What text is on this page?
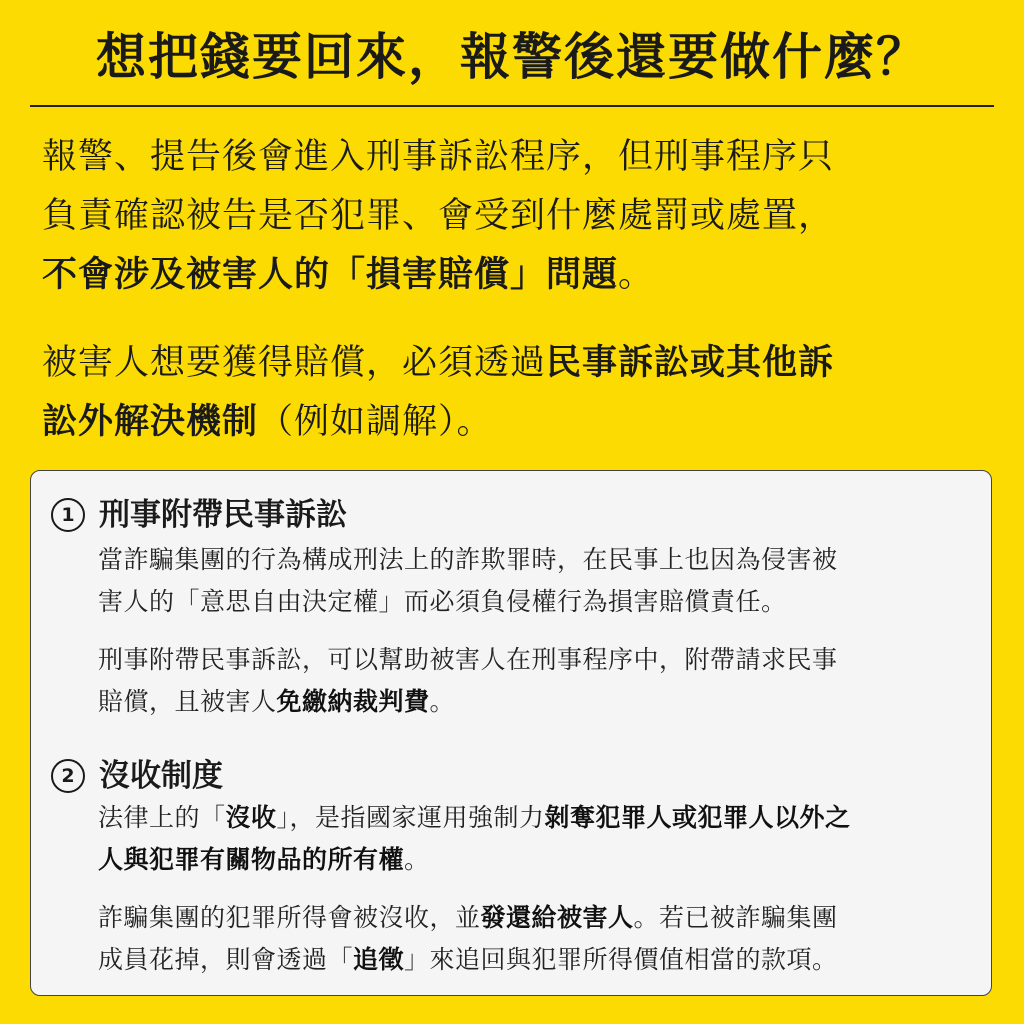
想把錢要回來，報警後還要做什麼？

報警、提告後會進入刑事訴訟程序，但刑事程序只

負責確認被告是否犯罪、會受到什麼處罰或處置，

不會涉及被害人的「損害賠償」問題。

被害人想要獲得賠償，必須透過民事訴訟或其他訴

訟外解決機制（例如調解）。

1 刑事附帶民事訴訟
當詐騙集團的行為構成刑法上的詐欺罪時，在民事上也因為侵害被
害人的「意思自由決定權」而必須負侵權行為損害賠償責任。
刑事附帶民事訴訟，可以幫助被害人在刑事程序中，附帶請求民事
賠償，且被害人免繳納裁判費。
2 沒收制度
法律上的「沒收」，是指國家運用強制力剝奪犯罪人或犯罪人以外之
人與犯罪有關物品的所有權。
詐騙集團的犯罪所得會被沒收，並發還給被害人。若已被詐騙集團
成員花掉，則會透過「追徵」來追回與犯罪所得價值相當的款項。
